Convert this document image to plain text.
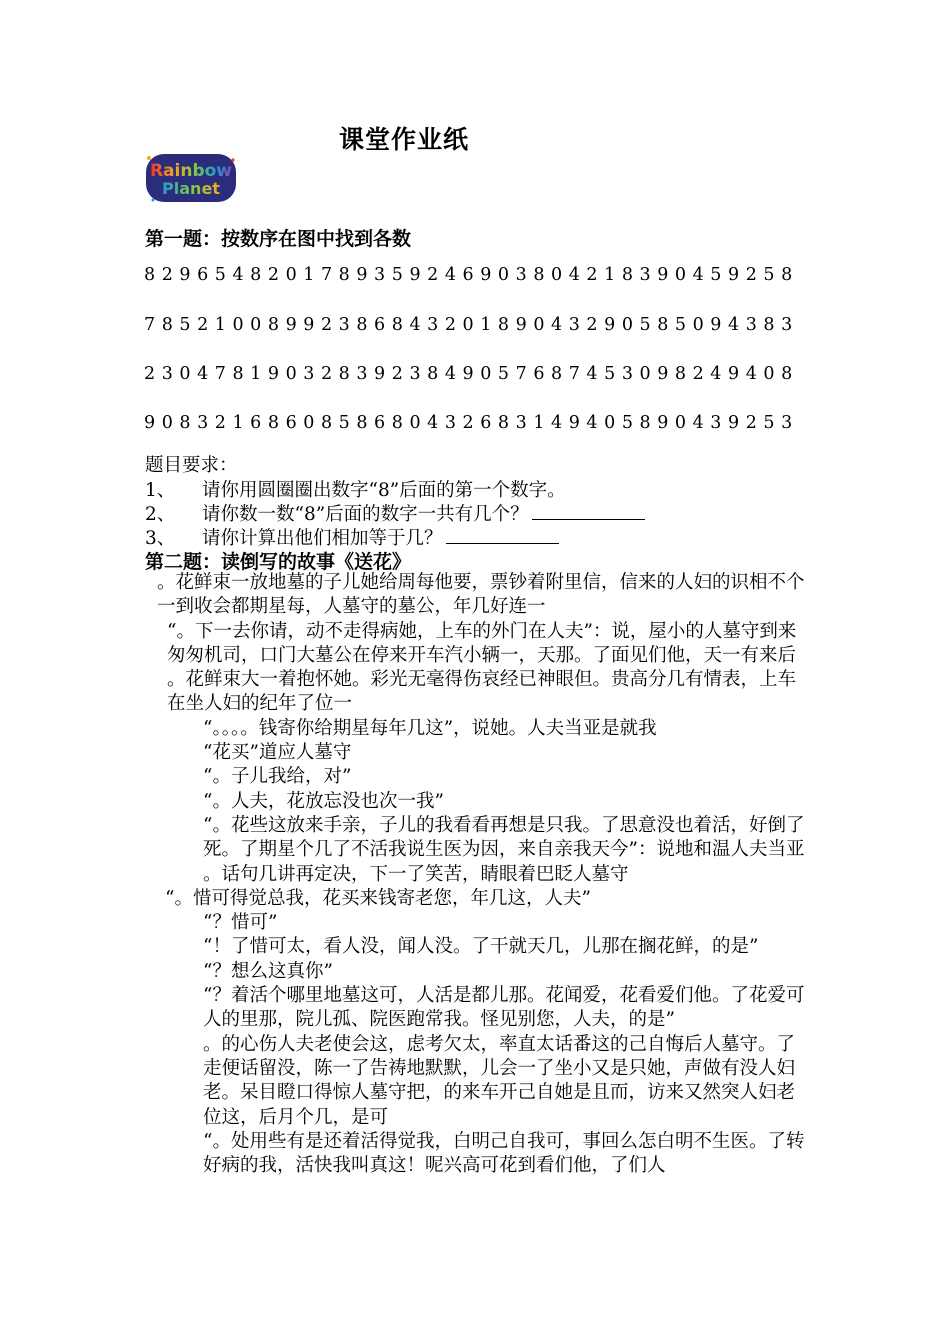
课堂作业纸
Rainbow
Planet
第一题：按数序在图中找到各数
8 2 9 6 5 4 8 2 0 1 7 8 9 3 5 9 2 4 6 9 0 3 8 0 4 2 1 8 3 9 0 4 5 9 2 5 8
7 8 5 2 1 0 0 8 9 9 2 3 8 6 8 4 3 2 0 1 8 9 0 4 3 2 9 0 5 8 5 0 9 4 3 8 3
2 3 0 4 7 8 1 9 0 3 2 8 3 9 2 3 8 4 9 0 5 7 6 8 7 4 5 3 0 9 8 2 4 9 4 0 8
9 0 8 3 2 1 6 8 6 0 8 5 8 6 8 0 4 3 2 6 8 3 1 4 9 4 0 5 8 9 0 4 3 9 2 5 3
题目要求：
1、 请你用圆圈圈出数字“8”后面的第一个数字。
2、 请你数一数“8”后面的数字一共有几个？
3、 请你计算出他们相加等于几？
第二题：读倒写的故事《送花》

。花鲜束一放地墓的子儿她给周每他要，票钞着附里信，信来的人妇的识相不个一到收会都期星每，人墓守的墓公，年几好连一

“。下一去你请，动不走得病她，上车的外门在人夫”：说，屋小的人墓守到来匆匆机司，口门大墓公在停来开车汽小辆一，天那。了面见们他，天一有来后

。花鲜束大一着抱怀她。彩光无毫得伤哀经已神眼但。贵高分几有情表，上车在坐人妇的纪年了位一

“。。。。钱寄你给期星每年几这”，说她。人夫当亚是就我

“花买”道应人墓守

“。子儿我给，对”

“。人夫，花放忘没也次一我”

“。花些这放来手亲，子儿的我看看再想是只我。了思意没也着活，好倒了死。了期星个几了不活我说生医为因，来自亲我天今”：说地和温人夫当亚

。话句几讲再定决，下一了笑苦，睛眼着巴眨人墓守

“。惜可得觉总我，花买来钱寄老您，年几这，人夫”

“？惜可”

“！了惜可太，看人没，闻人没。了干就天几，儿那在搁花鲜，的是”

“？想么这真你”

“？着活个哪里地墓这可，人活是都儿那。花闻爱，花看爱们他。了花爱可人的里那，院儿孤、院医跑常我。怪见别您，人夫，的是”

。的心伤人夫老使会这，虑考欠太，率直太话番这的己自悔后人墓守。了走便话留没，陈一了告祷地默默，儿会一了坐小又是只她，声做有没人妇老。呆目瞪口得惊人墓守把，的来车开己自她是且而，访来又然突人妇老位这，后月个几，是可

“。处用些有是还着活得觉我，白明己自我可，事回么怎白明不生医。了转好病的我，活快我叫真这！呢兴高可花到看们他，了们人
